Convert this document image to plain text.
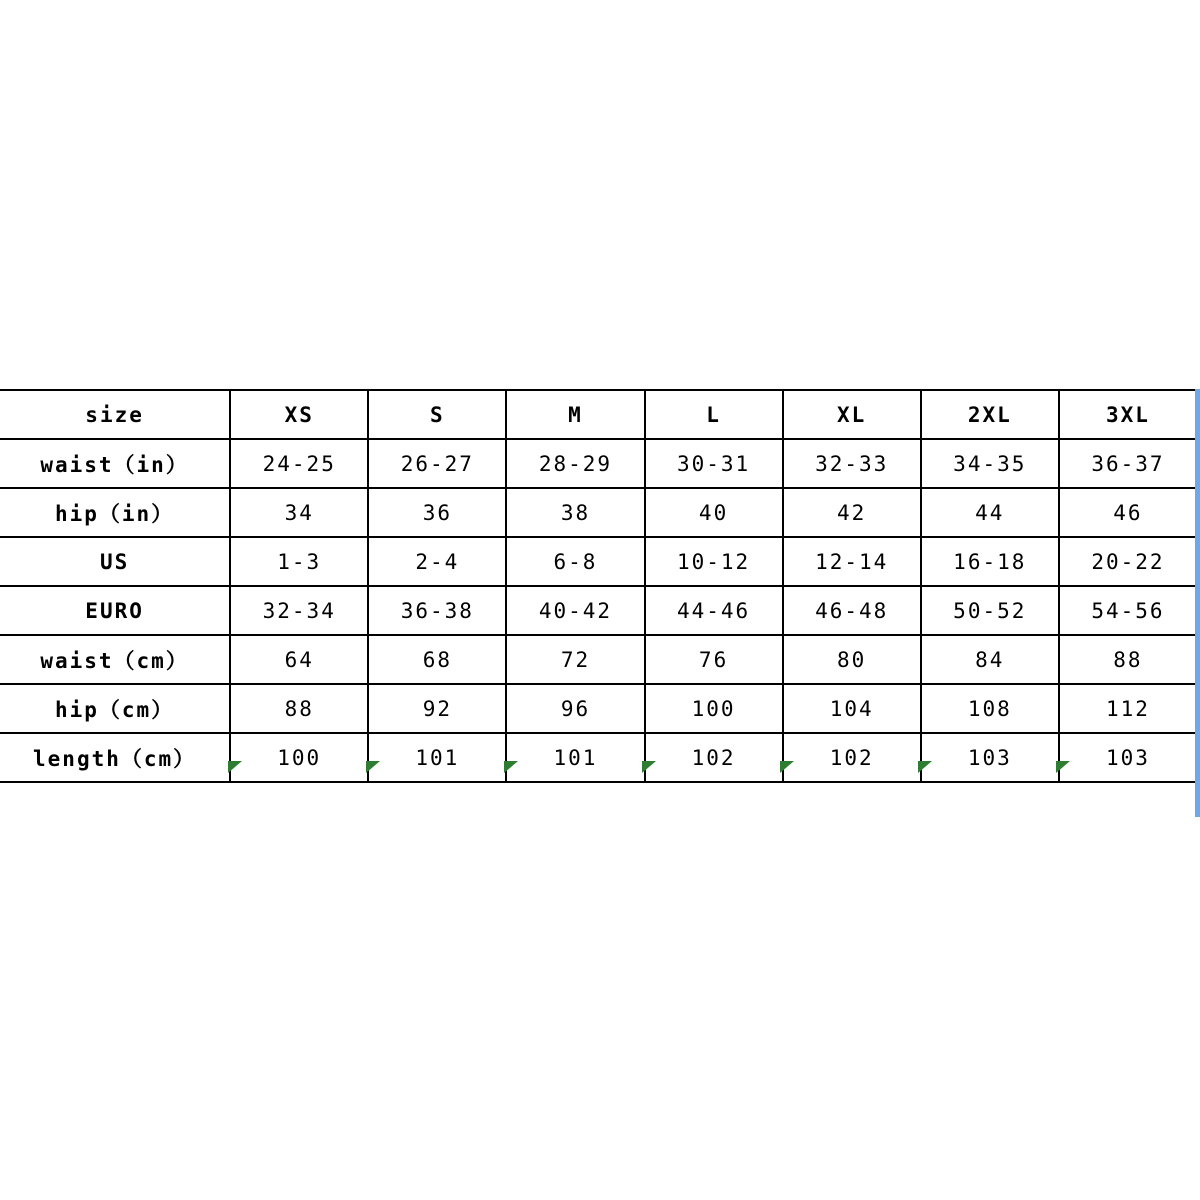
size	XS	S	M	L	XL	2XL	3XL
waist（in）	24-25	26-27	28-29	30-31	32-33	34-35	36-37
hip（in）	34	36	38	40	42	44	46
US	1-3	2-4	6-8	10-12	12-14	16-18	20-22
EURO	32-34	36-38	40-42	44-46	46-48	50-52	54-56
waist（cm）	64	68	72	76	80	84	88
hip（cm）	88	92	96	100	104	108	112
length（cm）	100	101	101	102	102	103	103
